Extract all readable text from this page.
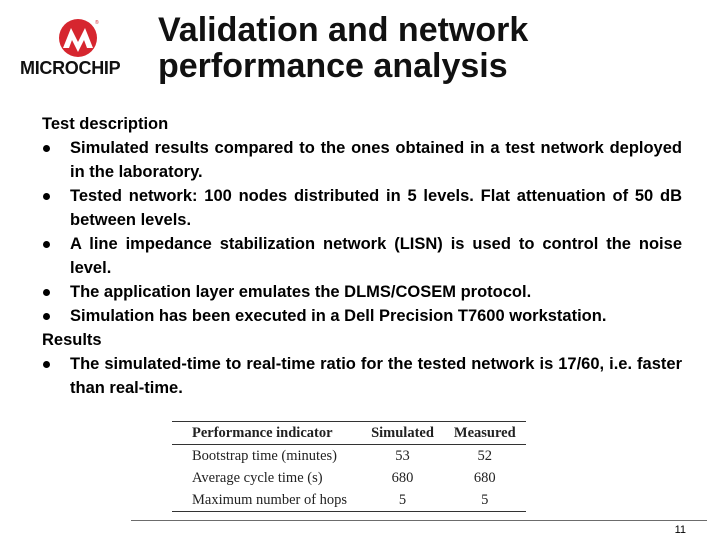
®
MICROCHIP
Validation and network
performance analysis
Test description
Simulated results compared to the ones obtained in a test network deployed in the laboratory.
Tested network: 100 nodes distributed in 5 levels. Flat attenuation of 50 dB between levels.
A line impedance stabilization network (LISN) is used to control the noise level.
The application layer emulates the DLMS/COSEM protocol.
Simulation has been executed in a Dell Precision T7600 workstation.
Results
The simulated-time to real-time ratio for the tested network is 17/60, i.e. faster than real-time.
Performance indicator	Simulated	Measured
Bootstrap time (minutes)	53	52
Average cycle time (s)	680	680
Maximum number of hops	5	5
11
